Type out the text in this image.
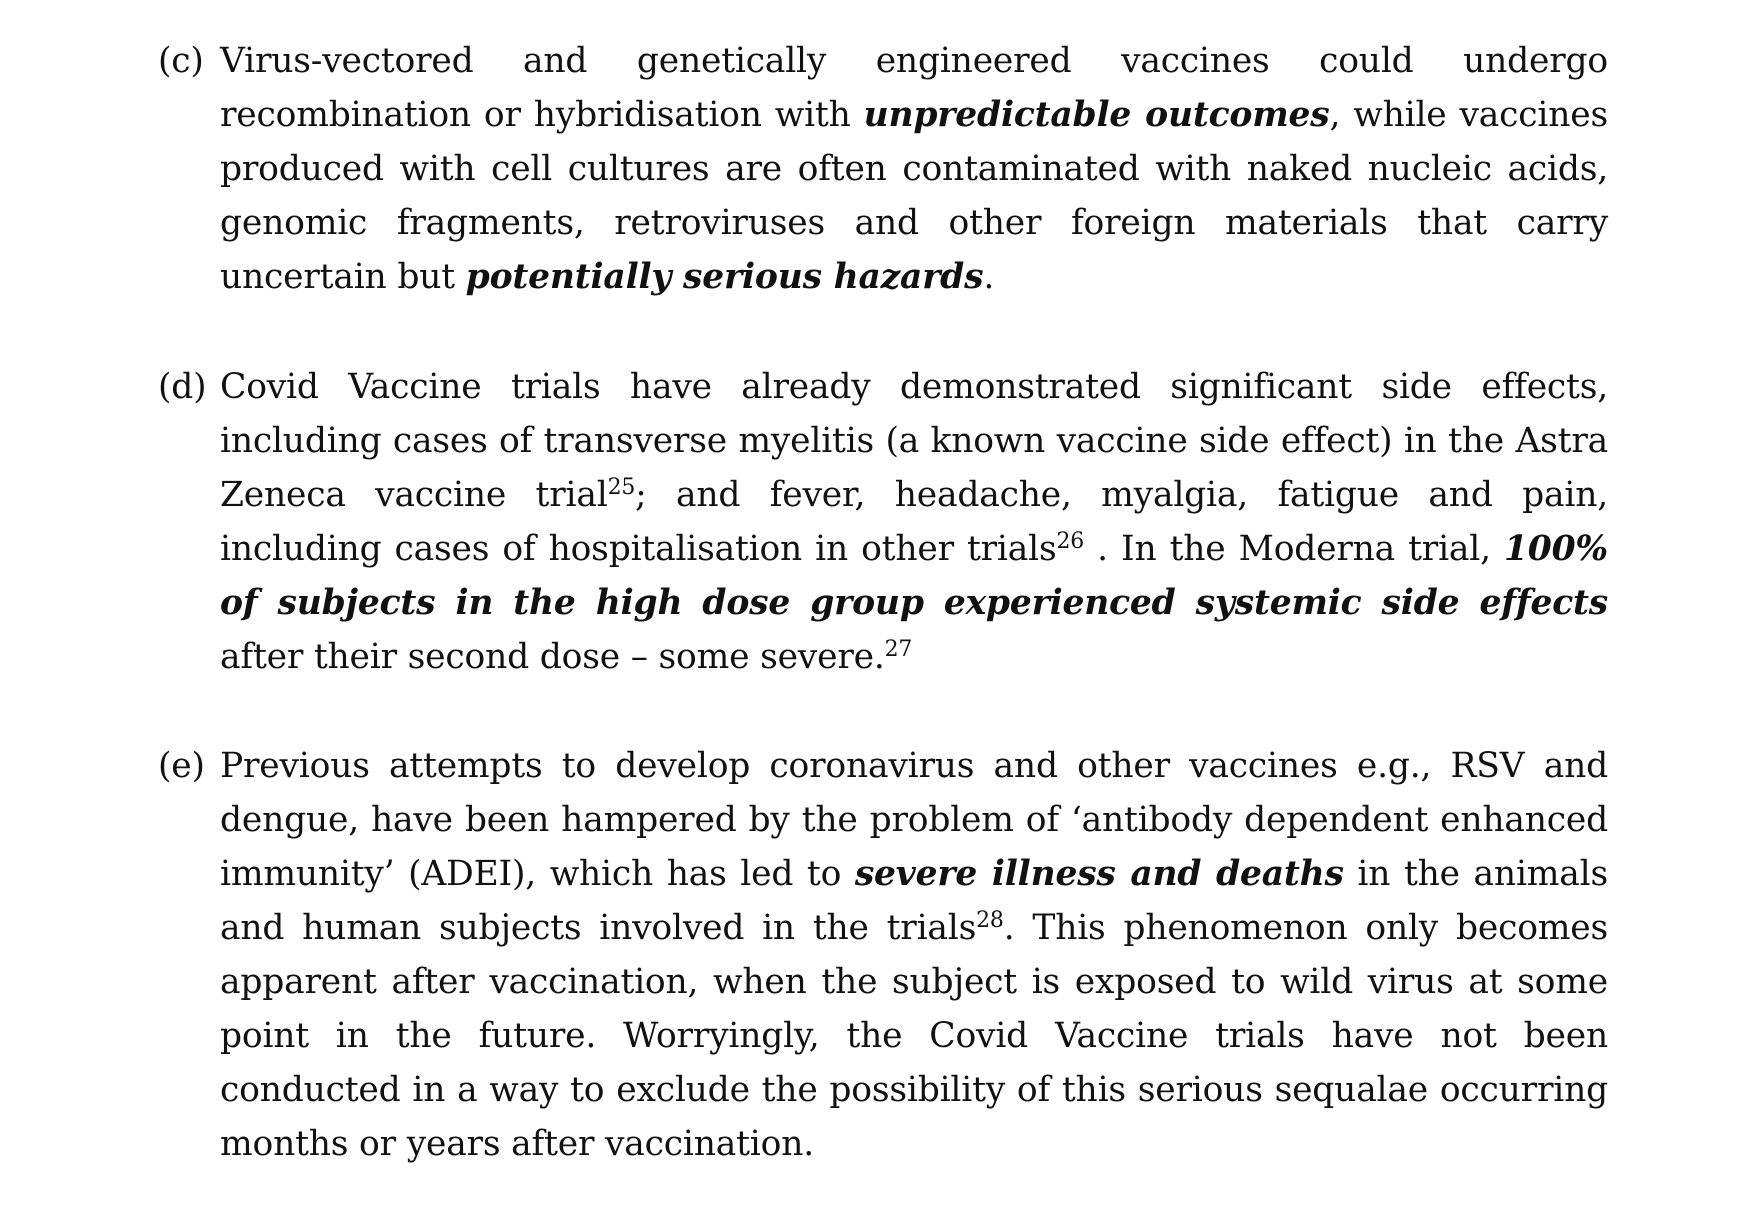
(c) Virus-vectored and genetically engineered vaccines could undergo recombination or hybridisation with unpredictable outcomes, while vaccines produced with cell cultures are often contaminated with naked nucleic acids, genomic fragments, retroviruses and other foreign materials that carry uncertain but potentially serious hazards.
(d) Covid Vaccine trials have already demonstrated significant side effects, including cases of transverse myelitis (a known vaccine side effect) in the Astra Zeneca vaccine trial$^{25}$; and fever, headache, myalgia, fatigue and pain, including cases of hospitalisation in other trials$^{26}$ . In the Moderna trial, 100% of subjects in the high dose group experienced systemic side effects after their second dose – some severe.$^{27}$
(e) Previous attempts to develop coronavirus and other vaccines e.g., RSV and dengue, have been hampered by the problem of ‘antibody dependent enhanced immunity’ (ADEI), which has led to severe illness and deaths in the animals and human subjects involved in the trials$^{28}$. This phenomenon only becomes apparent after vaccination, when the subject is exposed to wild virus at some point in the future. Worryingly, the Covid Vaccine trials have not been conducted in a way to exclude the possibility of this serious sequalae occurring months or years after vaccination.
